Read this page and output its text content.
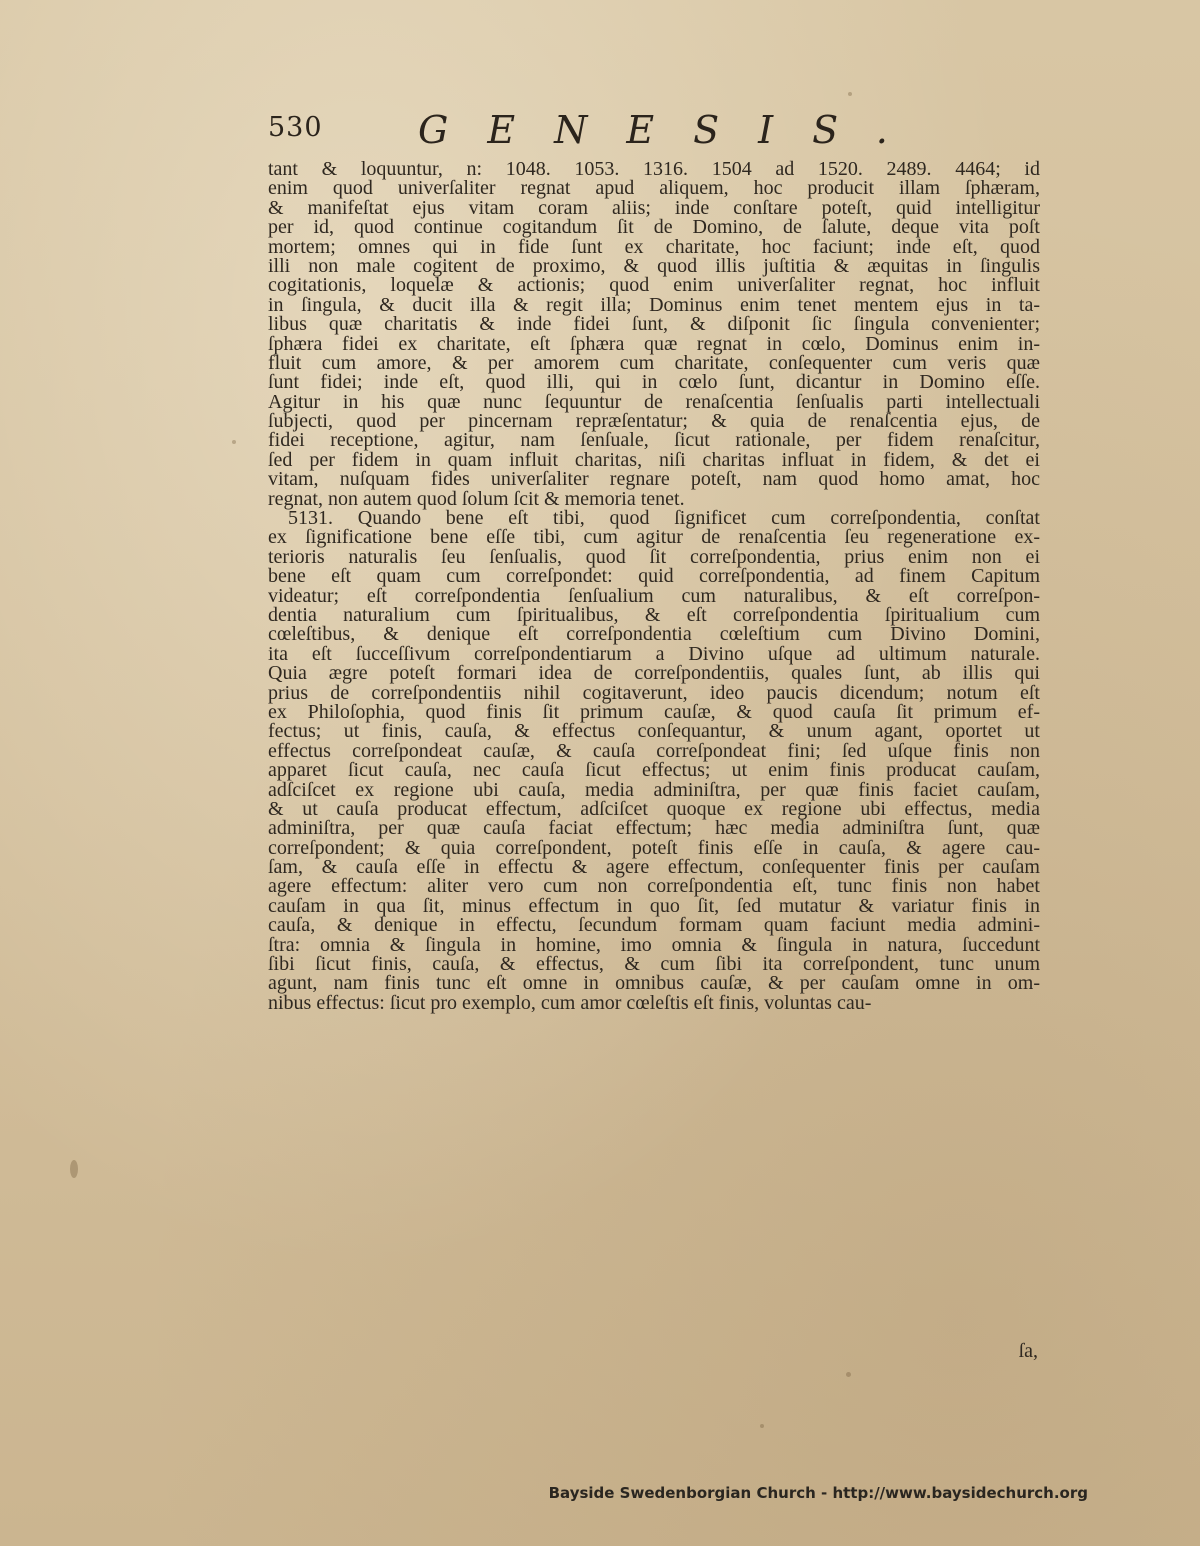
530	GENESIS.
tant & loquuntur, n: 1048. 1053. 1316. 1504 ad 1520. 2489. 4464; id
enim quod univerſaliter regnat apud aliquem, hoc producit illam ſphæram,
& manifeſtat ejus vitam coram aliis; inde conſtare poteſt, quid intelligitur
per id, quod continue cogitandum ſit de Domino, de ſalute, deque vita poſt
mortem; omnes qui in fide ſunt ex charitate, hoc faciunt; inde eſt, quod
illi non male cogitent de proximo, & quod illis juſtitia & æquitas in ſingulis
cogitationis, loquelæ & actionis; quod enim univerſaliter regnat, hoc influit
in ſingula, & ducit illa & regit illa; Dominus enim tenet mentem ejus in ta-
libus quæ charitatis & inde fidei ſunt, & diſponit ſic ſingula convenienter;
ſphæra fidei ex charitate, eſt ſphæra quæ regnat in cœlo, Dominus enim in-
fluit cum amore, & per amorem cum charitate, conſequenter cum veris quæ
ſunt fidei; inde eſt, quod illi, qui in cœlo ſunt, dicantur in Domino eſſe.
Agitur in his quæ nunc ſequuntur de renaſcentia ſenſualis parti intellectuali
ſubjecti, quod per pincernam repræſentatur; & quia de renaſcentia ejus, de
fidei receptione, agitur, nam ſenſuale, ſicut rationale, per fidem renaſcitur,
ſed per fidem in quam influit charitas, niſi charitas influat in fidem, & det ei
vitam, nuſquam fides univerſaliter regnare poteſt, nam quod homo amat, hoc
regnat, non autem quod ſolum ſcit & memoria tenet.
5131. Quando bene eſt tibi, quod ſignificet cum correſpondentia, conſtat
ex ſignificatione bene eſſe tibi, cum agitur de renaſcentia ſeu regeneratione ex-
terioris naturalis ſeu ſenſualis, quod ſit correſpondentia, prius enim non ei
bene eſt quam cum correſpondet: quid correſpondentia, ad finem Capitum
videatur; eſt correſpondentia ſenſualium cum naturalibus, & eſt correſpon-
dentia naturalium cum ſpiritualibus, & eſt correſpondentia ſpiritualium cum
cœleſtibus, & denique eſt correſpondentia cœleſtium cum Divino Domini,
ita eſt ſucceſſivum correſpondentiarum a Divino uſque ad ultimum naturale.
Quia ægre poteſt formari idea de correſpondentiis, quales ſunt, ab illis qui
prius de correſpondentiis nihil cogitaverunt, ideo paucis dicendum; notum eſt
ex Philoſophia, quod finis ſit primum cauſæ, & quod cauſa ſit primum ef-
fectus; ut finis, cauſa, & effectus conſequantur, & unum agant, oportet ut
effectus correſpondeat cauſæ, & cauſa correſpondeat fini; ſed uſque finis non
apparet ſicut cauſa, nec cauſa ſicut effectus; ut enim finis producat cauſam,
adſciſcet ex regione ubi cauſa, media adminiſtra, per quæ finis faciet cauſam,
& ut cauſa producat effectum, adſciſcet quoque ex regione ubi effectus, media
adminiſtra, per quæ cauſa faciat effectum; hæc media adminiſtra ſunt, quæ
correſpondent; & quia correſpondent, poteſt finis eſſe in cauſa, & agere cau-
ſam, & cauſa eſſe in effectu & agere effectum, conſequenter finis per cauſam
agere effectum: aliter vero cum non correſpondentia eſt, tunc finis non habet
cauſam in qua ſit, minus effectum in quo ſit, ſed mutatur & variatur finis in
cauſa, & denique in effectu, ſecundum formam quam faciunt media admini-
ſtra: omnia & ſingula in homine, imo omnia & ſingula in natura, ſuccedunt
ſibi ſicut finis, cauſa, & effectus, & cum ſibi ita correſpondent, tunc unum
agunt, nam finis tunc eſt omne in omnibus cauſæ, & per cauſam omne in om-
nibus effectus: ſicut pro exemplo, cum amor cœleſtis eſt finis, voluntas cau-
ſa,
Bayside Swedenborgian Church - http://www.baysidechurch.org
